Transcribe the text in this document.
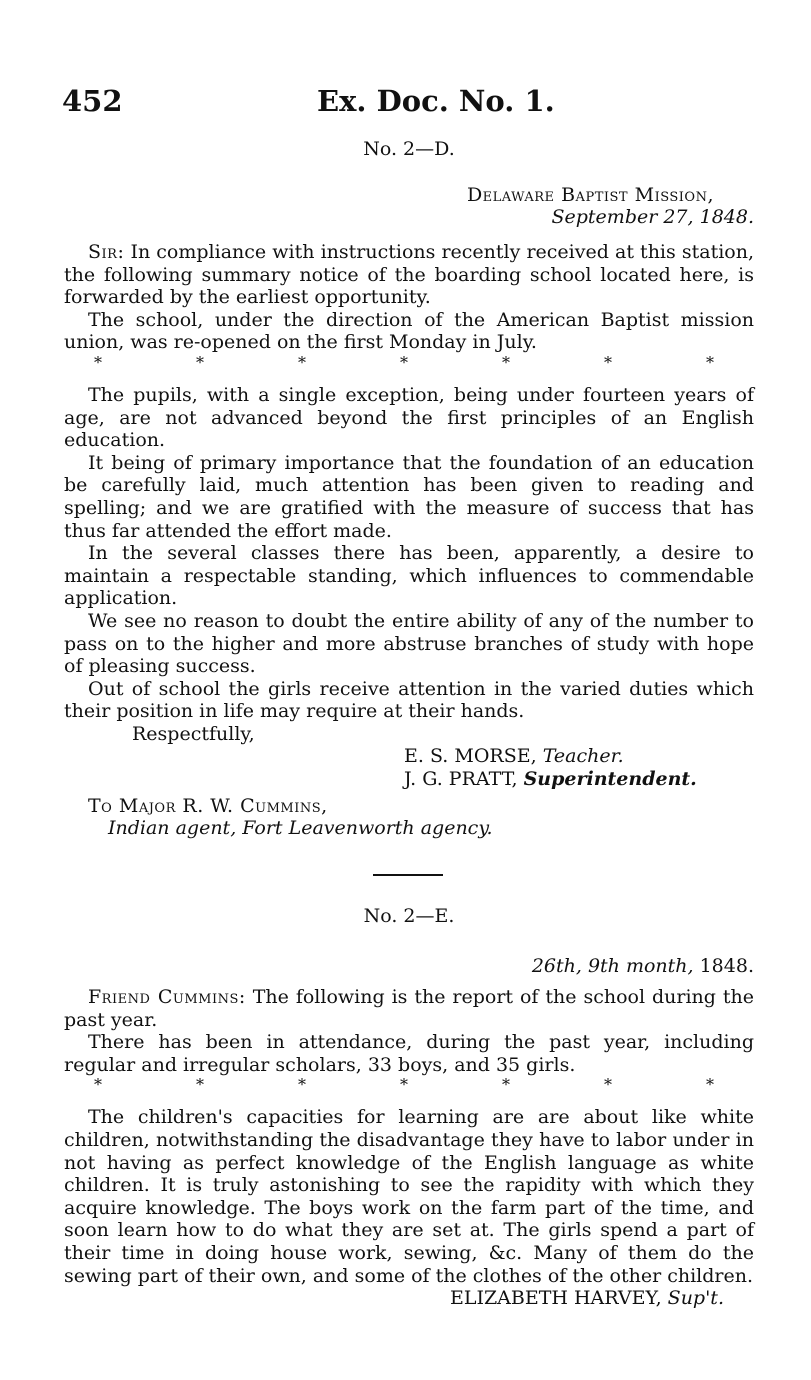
452	Ex. Doc. No. 1.
No. 2—D.
Delaware Baptist Mission,
September 27, 1848.

Sir: In compliance with instructions recently received at this station, the following summary notice of the boarding school located here, is forwarded by the earliest opportunity.

The school, under the direction of the American Baptist mission union, was re-opened on the first Monday in July.

*	*	*	*	*	*	*

The pupils, with a single exception, being under fourteen years of age, are not advanced beyond the first principles of an English education.

It being of primary importance that the foundation of an education be carefully laid, much attention has been given to reading and spelling; and we are gratified with the measure of success that has thus far attended the effort made.

In the several classes there has been, apparently, a desire to maintain a respectable standing, which influences to commendable application.

We see no reason to doubt the entire ability of any of the number to pass on to the higher and more abstruse branches of study with hope of pleasing success.

Out of school the girls receive attention in the varied duties which their position in life may require at their hands.

Respectfully,
E. S. MORSE, Teacher.
J. G. PRATT, Superintendent.
To Major R. W. Cummins,
Indian agent, Fort Leavenworth agency.
No. 2—E.
26th, 9th month, 1848.

Friend Cummins: The following is the report of the school during the past year.

There has been in attendance, during the past year, including regular and irregular scholars, 33 boys, and 35 girls.

*	*	*	*	*	*	*

The children's capacities for learning are are about like white children, notwithstanding the disadvantage they have to labor under in not having as perfect knowledge of the English language as white children. It is truly astonishing to see the rapidity with which they acquire knowledge. The boys work on the farm part of the time, and soon learn how to do what they are set at. The girls spend a part of their time in doing house work, sewing, &c. Many of them do the sewing part of their own, and some of the clothes of the other children.

ELIZABETH HARVEY, Sup't.
